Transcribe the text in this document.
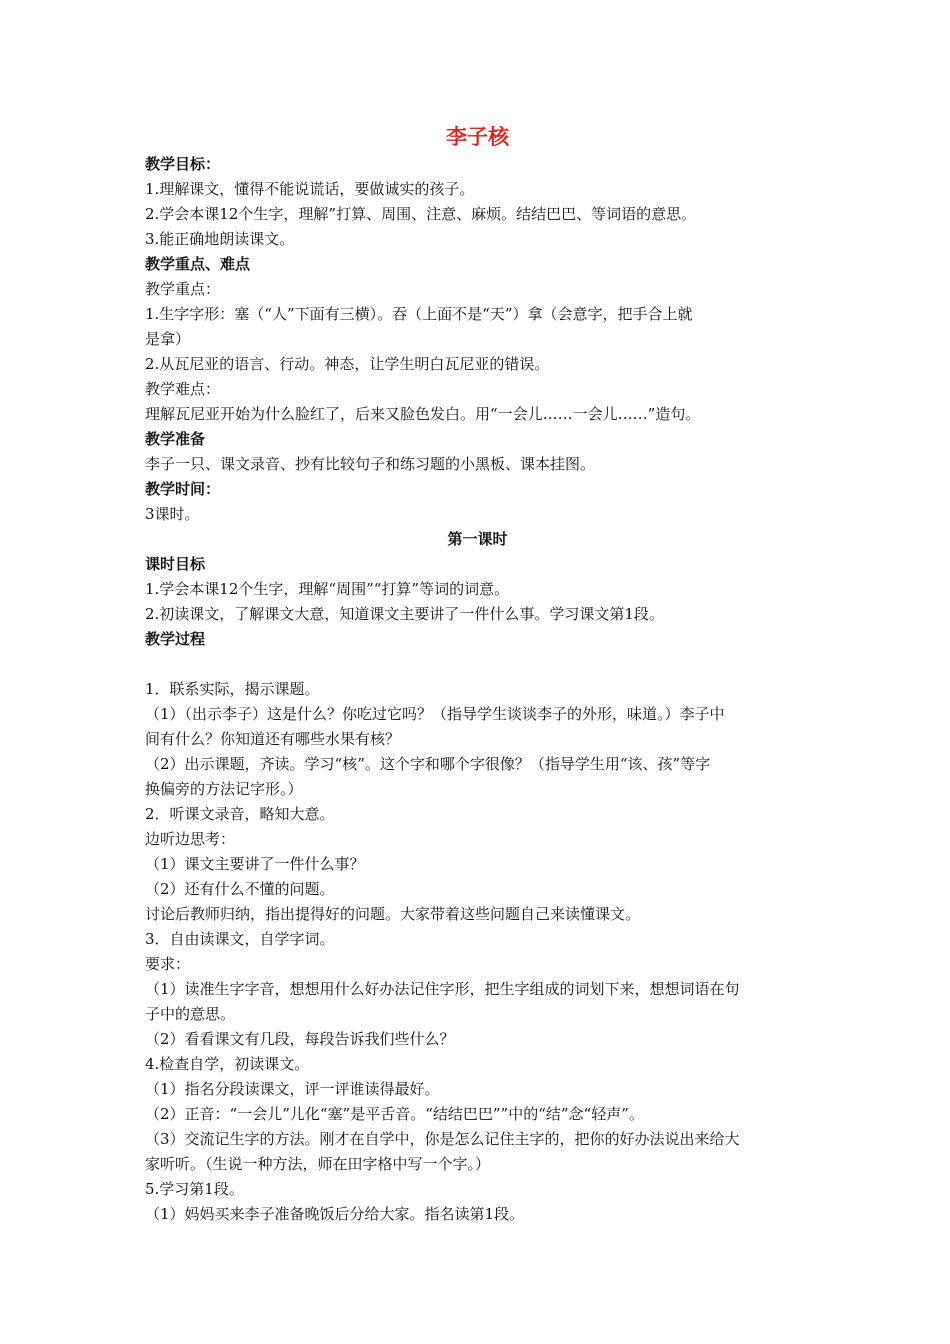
李子核
教学目标：
1.理解课文，懂得不能说谎话，要做诚实的孩子。
2.学会本课12个生字，理解”打算、周围、注意、麻烦。结结巴巴、等词语的意思。
3.能正确地朗读课文。
教学重点、难点
教学重点：
1.生字字形：塞（“人”下面有三横）。吞（上面不是“天”）拿（会意字，把手合上就
是拿）
2.从瓦尼亚的语言、行动。神态，让学生明白瓦尼亚的错误。
教学难点：
理解瓦尼亚开始为什么脸红了，后来又脸色发白。用“一会儿……一会儿……”造句。
教学准备
李子一只、课文录音、抄有比较句子和练习题的小黑板、课本挂图。
教学时间：
3课时。
第一课时
课时目标
1.学会本课12个生字，理解“周围”“打算”等词的词意。
2.初读课文，了解课文大意，知道课文主要讲了一件什么事。学习课文第1段。
教学过程
1．联系实际，揭示课题。
（1）（出示李子）这是什么？你吃过它吗？（指导学生谈谈李子的外形，味道。）李子中
间有什么？你知道还有哪些水果有核？
（2）出示课题，齐读。学习“核”。这个字和哪个字很像？（指导学生用“该、孩”等字
换偏旁的方法记字形。）
2．听课文录音，略知大意。
边听边思考：
（1）课文主要讲了一件什么事？
（2）还有什么不懂的问题。
讨论后教师归纳，指出提得好的问题。大家带着这些问题自己来读懂课文。
3．自由读课文，自学字词。
要求：
（1）读准生字字音，想想用什么好办法记住字形，把生字组成的词划下来，想想词语在句
子中的意思。
（2）看看课文有几段，每段告诉我们些什么？
4.检查自学，初读课文。
（1）指名分段读课文，评一评谁读得最好。
（2）正音：“一会儿”儿化“塞”是平舌音。“结结巴巴””中的“结”念“轻声”。
（3）交流记生字的方法。刚才在自学中，你是怎么记住主字的，把你的好办法说出来给大
家听听。（生说一种方法，师在田字格中写一个字。）
5.学习第1段。
（1）妈妈买来李子准备晚饭后分给大家。指名读第1段。
